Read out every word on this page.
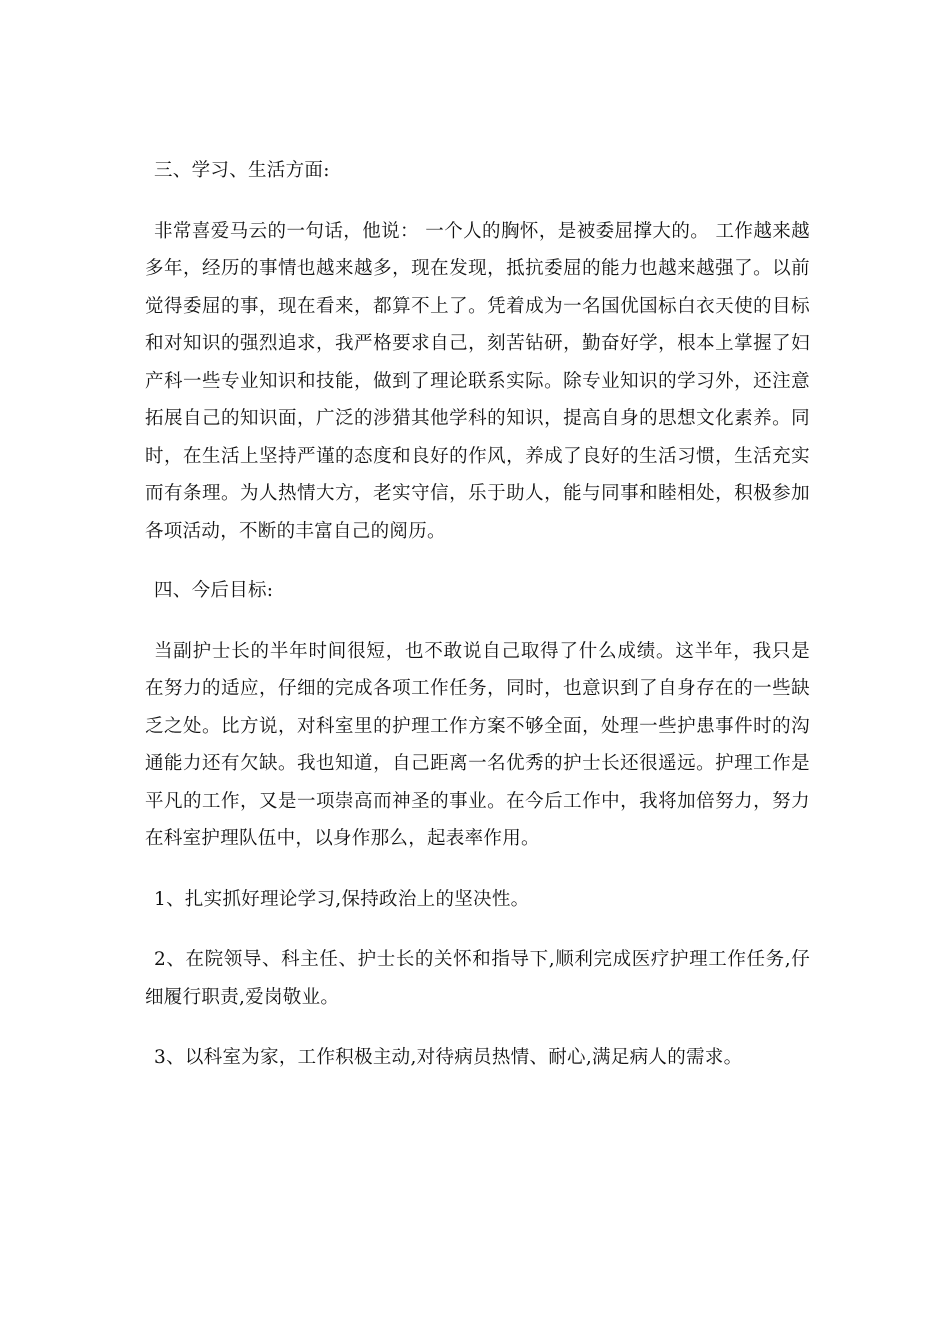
三、学习、生活方面:

非常喜爱马云的一句话，他说： 一个人的胸怀，是被委屈撑大的。 工作越来越多年，经历的事情也越来越多，现在发现，抵抗委屈的能力也越来越强了。以前觉得委屈的事，现在看来，都算不上了。凭着成为一名国优国标白衣天使的目标和对知识的强烈追求，我严格要求自己，刻苦钻研，勤奋好学，根本上掌握了妇产科一些专业知识和技能，做到了理论联系实际。除专业知识的学习外，还注意拓展自己的知识面，广泛的涉猎其他学科的知识，提高自身的思想文化素养。同时，在生活上坚持严谨的态度和良好的作风，养成了良好的生活习惯，生活充实而有条理。为人热情大方，老实守信，乐于助人，能与同事和睦相处，积极参加各项活动，不断的丰富自己的阅历。

四、今后目标:

当副护士长的半年时间很短，也不敢说自己取得了什么成绩。这半年，我只是在努力的适应，仔细的完成各项工作任务，同时，也意识到了自身存在的一些缺乏之处。比方说，对科室里的护理工作方案不够全面，处理一些护患事件时的沟通能力还有欠缺。我也知道，自己距离一名优秀的护士长还很遥远。护理工作是平凡的工作，又是一项崇高而神圣的事业。在今后工作中，我将加倍努力，努力在科室护理队伍中，以身作那么，起表率作用。

1、扎实抓好理论学习,保持政治上的坚决性。

2、在院领导、科主任、护士长的关怀和指导下,顺利完成医疗护理工作任务,仔细履行职责,爱岗敬业。

3、以科室为家，工作积极主动,对待病员热情、耐心,满足病人的需求。
